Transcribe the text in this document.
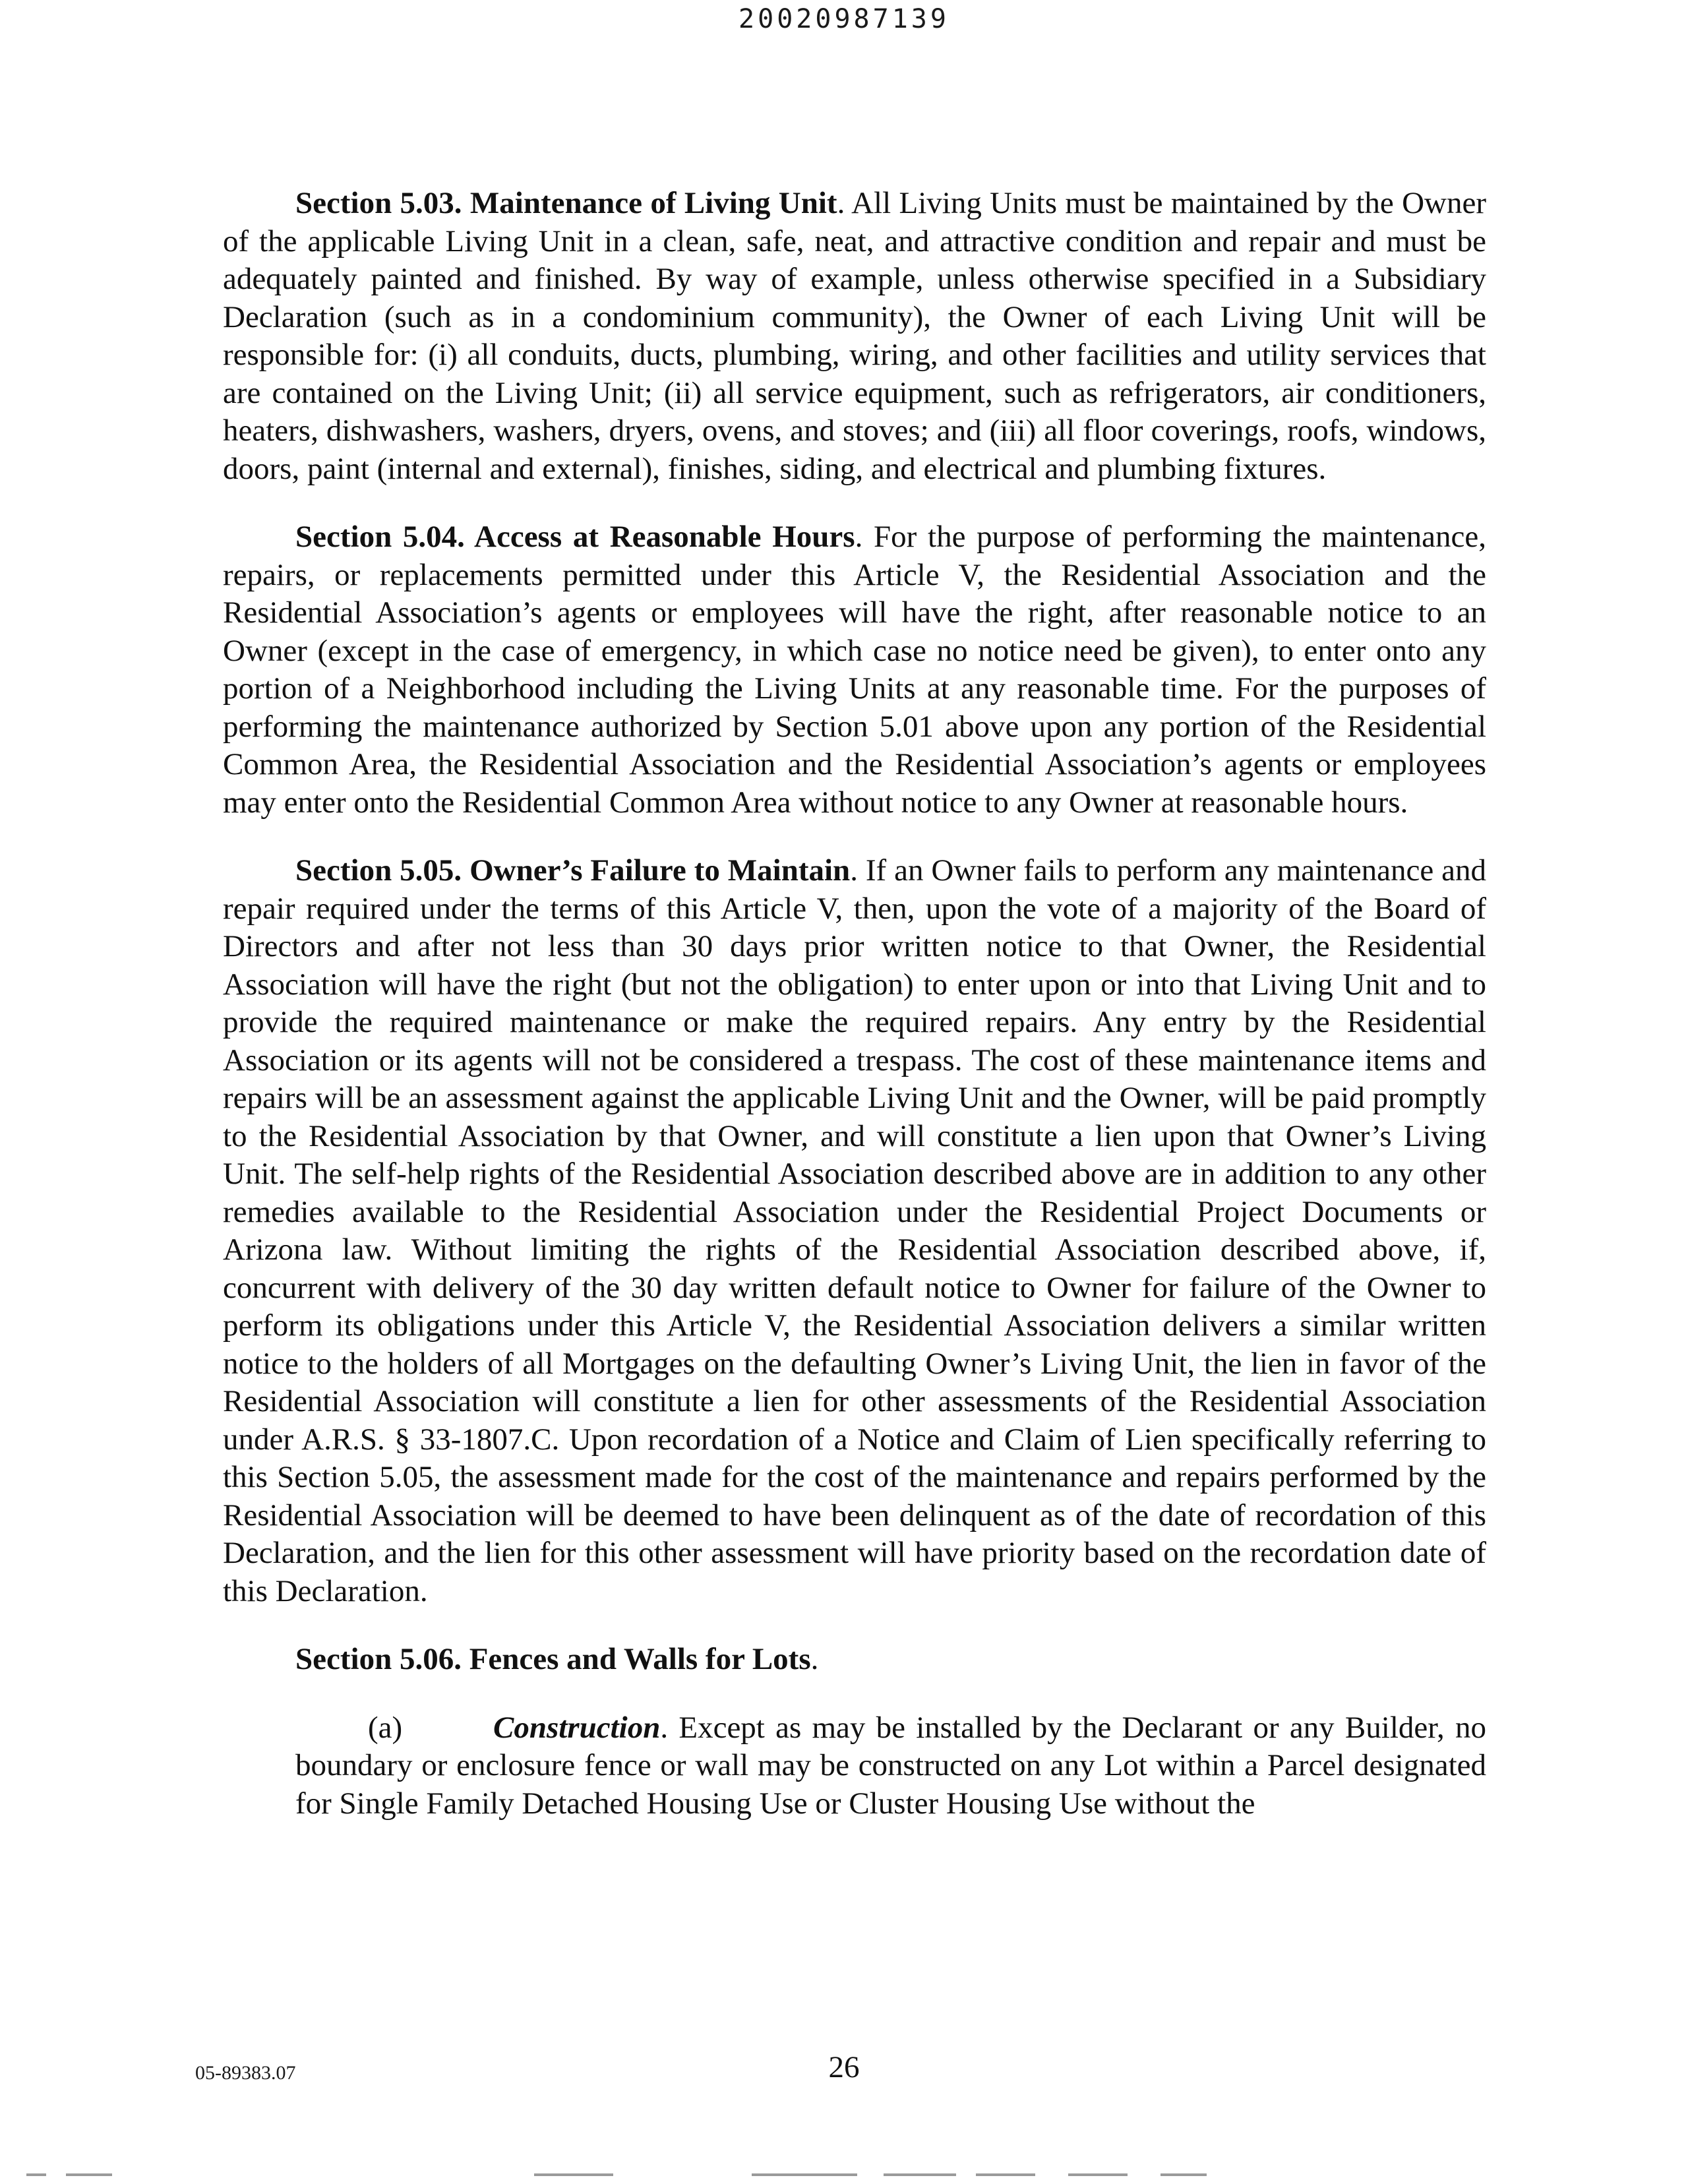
20020987139

Section 5.03. Maintenance of Living Unit. All Living Units must be maintained by the Owner of the applicable Living Unit in a clean, safe, neat, and attractive condition and repair and must be adequately painted and finished. By way of example, unless otherwise specified in a Subsidiary Declaration (such as in a condominium community), the Owner of each Living Unit will be responsible for: (i) all conduits, ducts, plumbing, wiring, and other facilities and utility services that are contained on the Living Unit; (ii) all service equipment, such as refrigerators, air conditioners, heaters, dishwashers, washers, dryers, ovens, and stoves; and (iii) all floor coverings, roofs, windows, doors, paint (internal and external), finishes, siding, and electrical and plumbing fixtures.

Section 5.04. Access at Reasonable Hours. For the purpose of performing the maintenance, repairs, or replacements permitted under this Article V, the Residential Association and the Residential Association’s agents or employees will have the right, after reasonable notice to an Owner (except in the case of emergency, in which case no notice need be given), to enter onto any portion of a Neighborhood including the Living Units at any reasonable time. For the purposes of performing the maintenance authorized by Section 5.01 above upon any portion of the Residential Common Area, the Residential Association and the Residential Association’s agents or employees may enter onto the Residential Common Area without notice to any Owner at reasonable hours.

Section 5.05. Owner’s Failure to Maintain. If an Owner fails to perform any maintenance and repair required under the terms of this Article V, then, upon the vote of a majority of the Board of Directors and after not less than 30 days prior written notice to that Owner, the Residential Association will have the right (but not the obligation) to enter upon or into that Living Unit and to provide the required maintenance or make the required repairs. Any entry by the Residential Association or its agents will not be considered a trespass. The cost of these maintenance items and repairs will be an assessment against the applicable Living Unit and the Owner, will be paid promptly to the Residential Association by that Owner, and will constitute a lien upon that Owner’s Living Unit. The self-help rights of the Residential Association described above are in addition to any other remedies available to the Residential Association under the Residential Project Documents or Arizona law. Without limiting the rights of the Residential Association described above, if, concurrent with delivery of the 30 day written default notice to Owner for failure of the Owner to perform its obligations under this Article V, the Residential Association delivers a similar written notice to the holders of all Mortgages on the defaulting Owner’s Living Unit, the lien in favor of the Residential Association will constitute a lien for other assessments of the Residential Association under A.R.S. § 33-1807.C. Upon recordation of a Notice and Claim of Lien specifically referring to this Section 5.05, the assessment made for the cost of the maintenance and repairs performed by the Residential Association will be deemed to have been delinquent as of the date of recordation of this Declaration, and the lien for this other assessment will have priority based on the recordation date of this Declaration.

Section 5.06. Fences and Walls for Lots.

(a)	Construction. Except as may be installed by the Declarant or any Builder, no boundary or enclosure fence or wall may be constructed on any Lot within a Parcel designated for Single Family Detached Housing Use or Cluster Housing Use without the

05-89383.07	26
